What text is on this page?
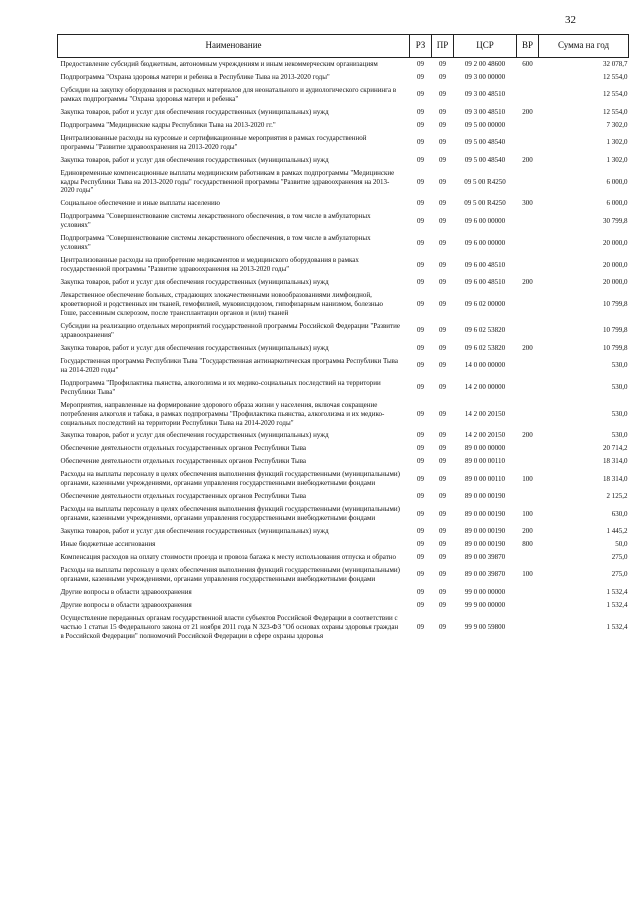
32
Наименование	РЗ	ПР	ЦСР	ВР	Сумма на год
Предоставление субсидий бюджетным, автономным учреждениям и иным некоммерческим организациям	09	09	09 2 00 48600	600	32 078,7
Подпрограмма "Охрана здоровья матери и ребенка в Республике Тыва на 2013-2020 годы"	09	09	09 3 00 00000		12 554,0
Субсидии на закупку оборудования и расходных материалов для неонатального и аудиологического скрининга в рамках подпрограммы "Охрана здоровья матери и ребенка"	09	09	09 3 00 48510		12 554,0
Закупка товаров, работ и услуг для обеспечения государственных (муниципальных) нужд	09	09	09 3 00 48510	200	12 554,0
Подпрограмма "Медицинские кадры Республики Тыва на 2013-2020 гг."	09	09	09 5 00 00000		7 302,0
Централизованные расходы на курсовые и сертификационные мероприятия в рамках государственной программы "Развитие здравоохранения на 2013-2020 годы"	09	09	09 5 00 48540		1 302,0
Закупка товаров, работ и услуг для обеспечения государственных (муниципальных) нужд	09	09	09 5 00 48540	200	1 302,0
Единовременные компенсационные выплаты медицинским работникам в рамках подпрограммы "Медицинские кадры Республики Тыва на 2013-2020 годы" государственной программы "Развитие здравоохранения на 2013-2020 годы"	09	09	09 5 00 R4250		6 000,0
Социальное обеспечение и иные выплаты населению	09	09	09 5 00 R4250	300	6 000,0
Подпрограмма "Совершенствование системы лекарственного обеспечения, в том числе в амбулаторных условиях"	09	09	09 6 00 00000		30 799,8
Подпрограмма "Совершенствование системы лекарственного обеспечения, в том числе в амбулаторных условиях"	09	09	09 6 00 00000		20 000,0
Централизованные расходы на приобретение медикаментов и медицинского оборудования в рамках государственной программы "Развитие здравоохранения на 2013-2020 годы"	09	09	09 6 00 48510		20 000,0
Закупка товаров, работ и услуг для обеспечения государственных (муниципальных) нужд	09	09	09 6 00 48510	200	20 000,0
Лекарственное обеспечение больных, страдающих злокачественными новообразованиями лимфоидной, кроветворной и родственных им тканей, гемофилией, муковисцидозом, гипофизарным нанизмом, болезнью Гоше, рассеянным склерозом, после трансплантации органов и (или) тканей	09	09	09 6 02 00000		10 799,8
Субсидии на реализацию отдельных мероприятий государственной программы Российской Федерации "Развитие здравоохранения"	09	09	09 6 02 53820		10 799,8
Закупка товаров, работ и услуг для обеспечения государственных (муниципальных) нужд	09	09	09 6 02 53820	200	10 799,8
Государственная программа Республики Тыва "Государственная антинаркотическая программа Республики Тыва на 2014-2020 годы"	09	09	14 0 00 00000		530,0
Подпрограмма "Профилактика пьянства, алкоголизма и их медико-социальных последствий на территории Республики Тыва"	09	09	14 2 00 00000		530,0
Мероприятия, направленные на формирование здорового образа жизни у населения, включая сокращение потребления алкоголя и табака, в рамках подпрограммы "Профилактика пьянства, алкоголизма и их медико-социальных последствий на территории Республики Тыва на 2014-2020 годы"	09	09	14 2 00 20150		530,0
Закупка товаров, работ и услуг для обеспечения государственных (муниципальных) нужд	09	09	14 2 00 20150	200	530,0
Обеспечение деятельности отдельных государственных органов Республики Тыва	09	09	89 0 00 00000		20 714,2
Обеспечение деятельности отдельных государственных органов Республики Тыва	09	09	89 0 00 00110		18 314,0
Расходы на выплаты персоналу в целях обеспечения выполнения функций государственными (муниципальными) органами, казенными учреждениями, органами управления государственными внебюджетными фондами	09	09	89 0 00 00110	100	18 314,0
Обеспечение деятельности отдельных государственных органов Республики Тыва	09	09	89 0 00 00190		2 125,2
Расходы на выплаты персоналу в целях обеспечения выполнения функций государственными (муниципальными) органами, казенными учреждениями, органами управления государственными внебюджетными фондами	09	09	89 0 00 00190	100	630,0
Закупка товаров, работ и услуг для обеспечения государственных (муниципальных) нужд	09	09	89 0 00 00190	200	1 445,2
Иные бюджетные ассигнования	09	09	89 0 00 00190	800	50,0
Компенсация расходов на оплату стоимости проезда и провоза багажа к месту использования отпуска и обратно	09	09	89 0 00 39870		275,0
Расходы на выплаты персоналу в целях обеспечения выполнения функций государственными (муниципальными) органами, казенными учреждениями, органами управления государственными внебюджетными фондами	09	09	89 0 00 39870	100	275,0
Другие вопросы в области здравоохранения	09	09	99 0 00 00000		1 532,4
Другие вопросы в области здравоохранения	09	09	99 9 00 00000		1 532,4
Осуществление переданных органам государственной власти субъектов Российской Федерации в соответствии с частью 1 статьи 15 Федерального закона от 21 ноября 2011 года N 323-ФЗ "Об основах охраны здоровья граждан в Российской Федерации" полномочий Российской Федерации в сфере охраны здоровья	09	09	99 9 00 59800		1 532,4
